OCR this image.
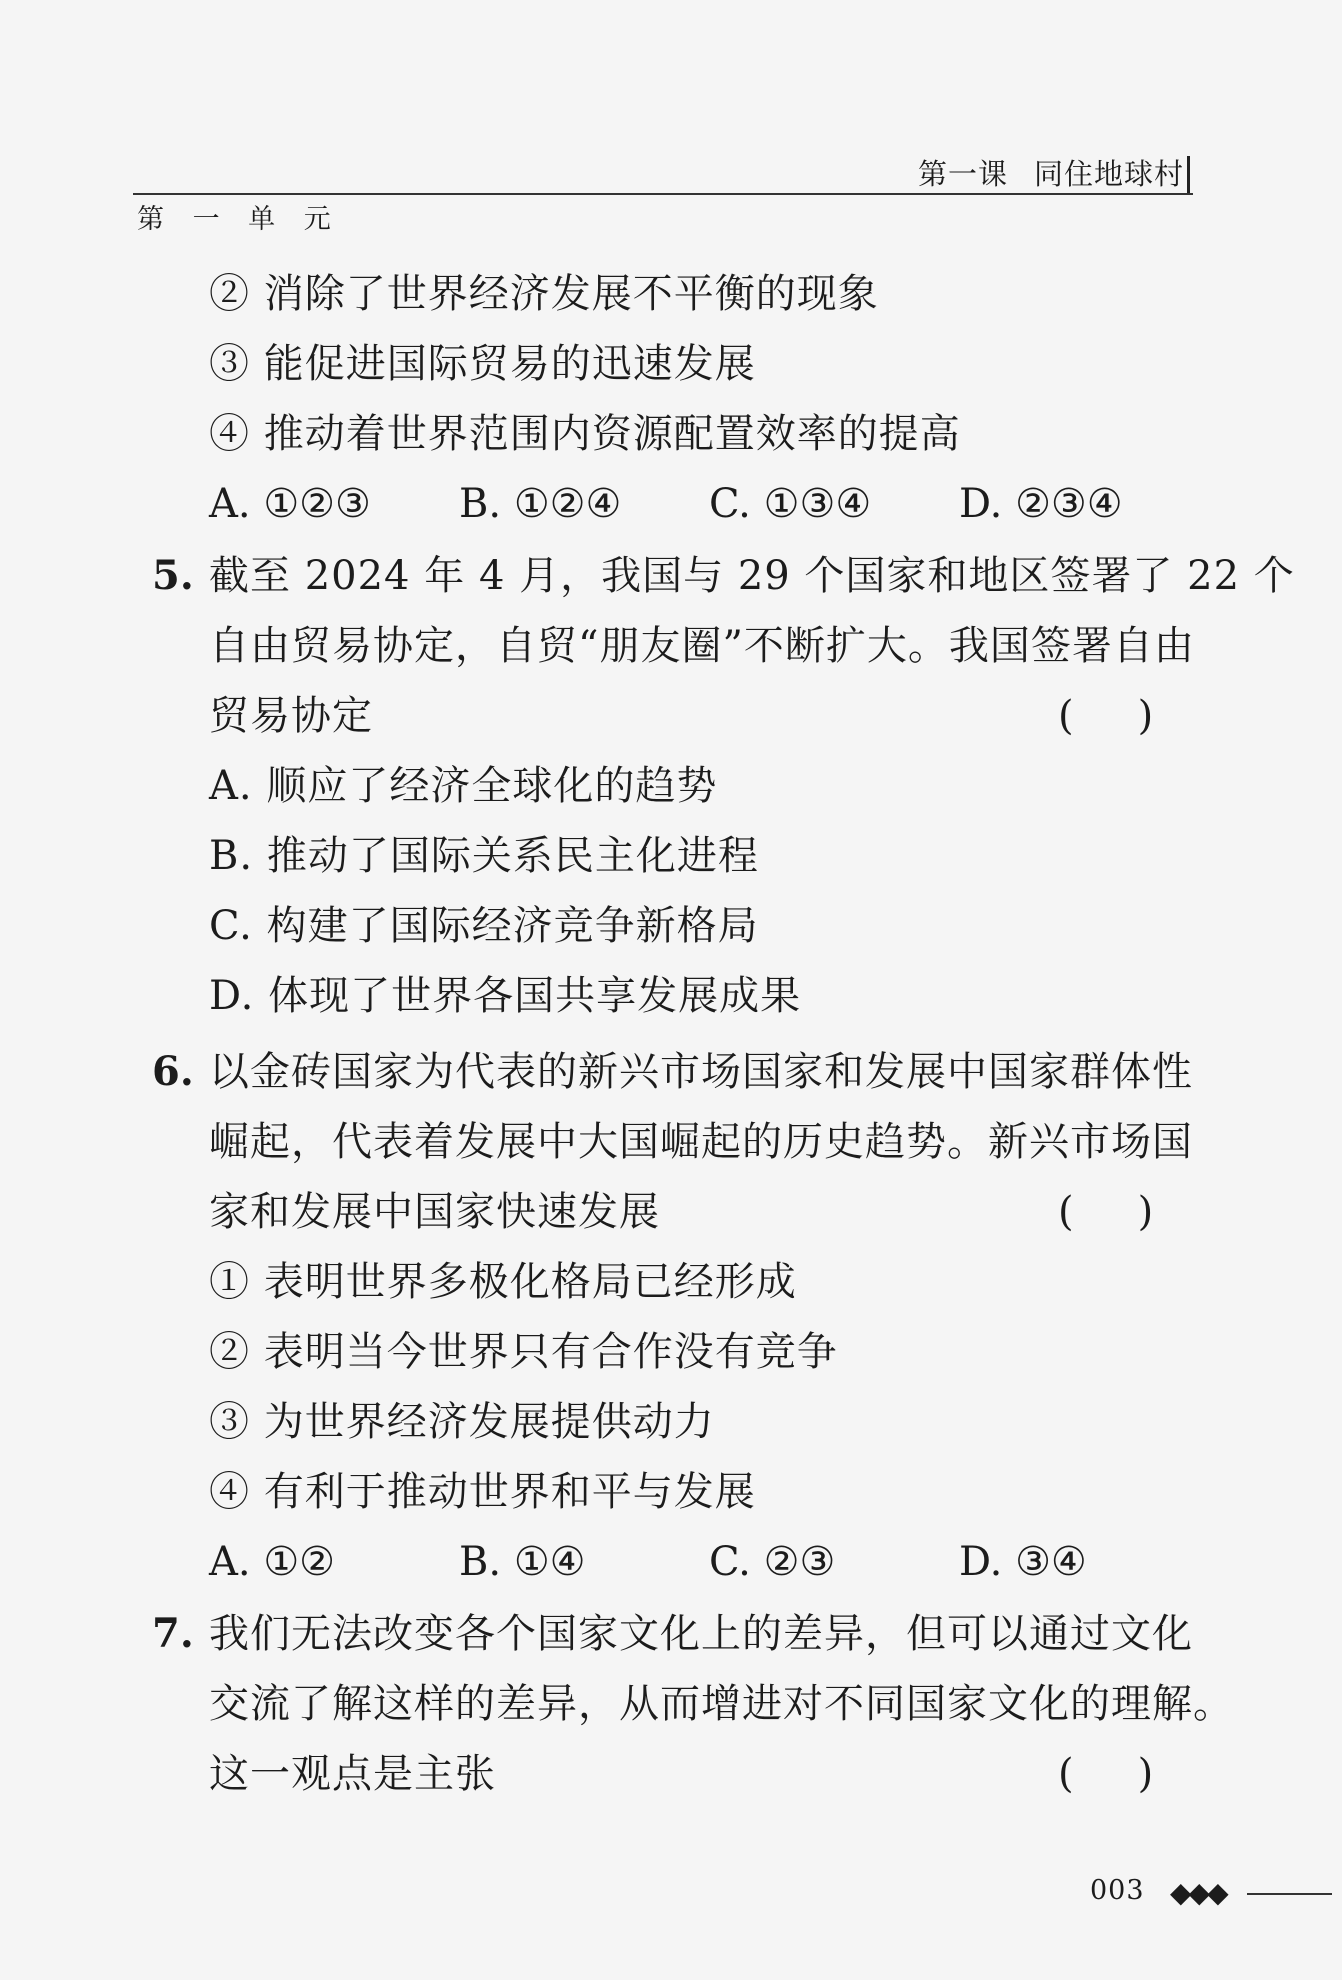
第一课 同住地球村
第 一 单 元
② 消除了世界经济发展不平衡的现象
③ 能促进国际贸易的迅速发展
④ 推动着世界范围内资源配置效率的提高
A. ①②③ B. ①②④ C. ①③④ D. ②③④
5. 截至 2024 年 4 月，我国与 29 个国家和地区签署了 22 个
自由贸易协定，自贸“朋友圈”不断扩大。我国签署自由
贸易协定	( )
A. 顺应了经济全球化的趋势
B. 推动了国际关系民主化进程
C. 构建了国际经济竞争新格局
D. 体现了世界各国共享发展成果
6. 以金砖国家为代表的新兴市场国家和发展中国家群体性
崛起，代表着发展中大国崛起的历史趋势。新兴市场国
家和发展中国家快速发展	( )
① 表明世界多极化格局已经形成
② 表明当今世界只有合作没有竞争
③ 为世界经济发展提供动力
④ 有利于推动世界和平与发展
A. ①②	B. ①④	C. ②③	D. ③④
7. 我们无法改变各个国家文化上的差异，但可以通过文化
交流了解这样的差异，从而增进对不同国家文化的理解。
这一观点是主张	( )
003 ◆◆◆
